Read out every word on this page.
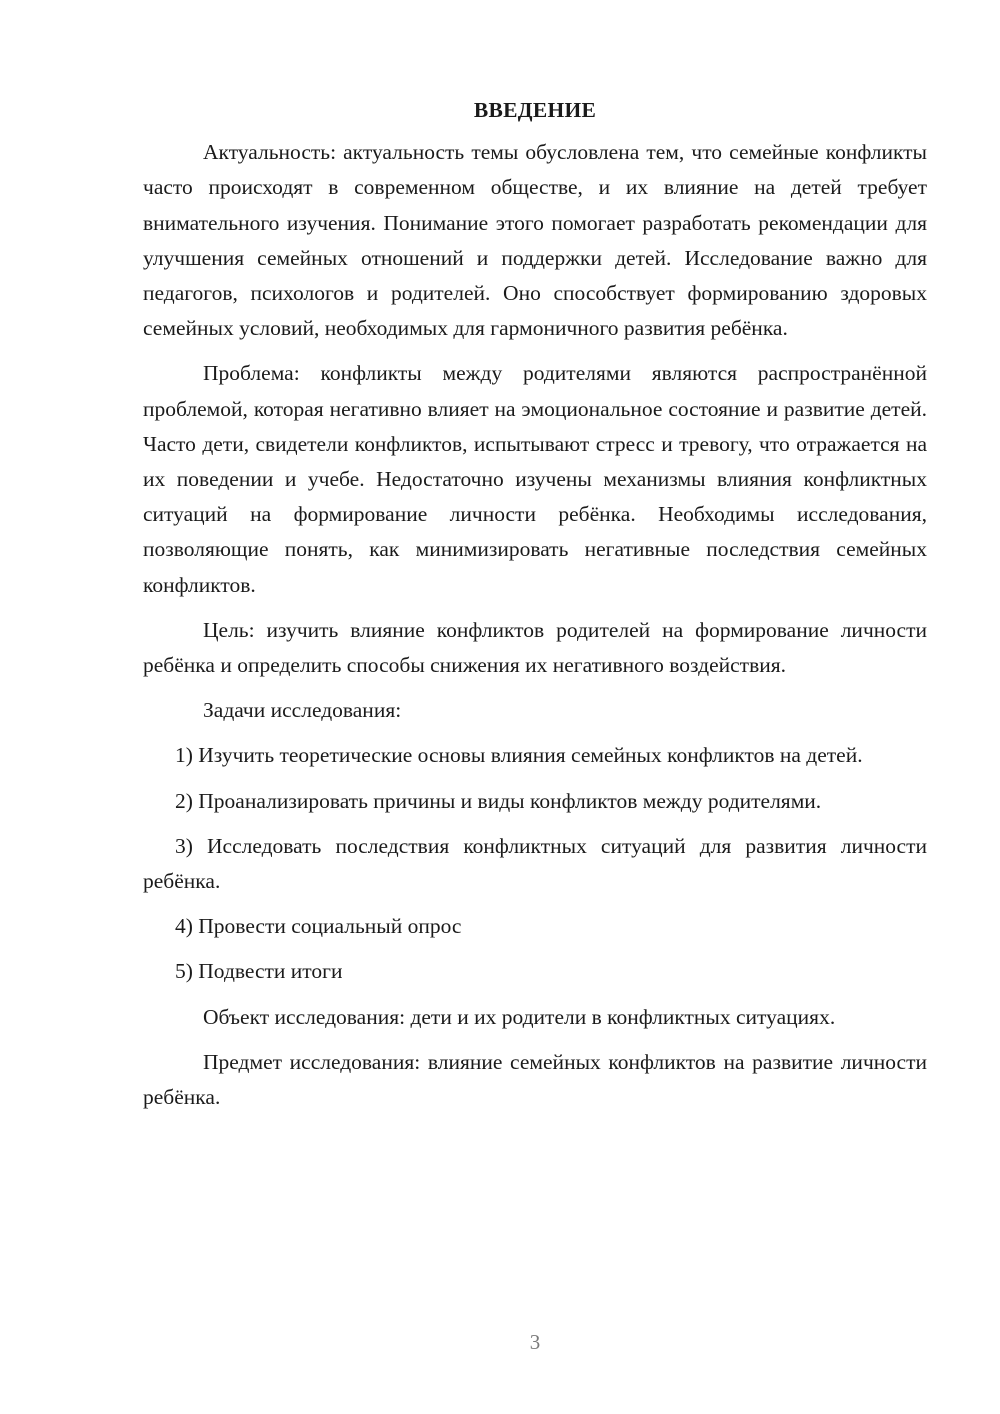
ВВЕДЕНИЕ

Актуальность: актуальность темы обусловлена тем, что семейные конфликты часто происходят в современном обществе, и их влияние на детей требует внимательного изучения. Понимание этого помогает разработать рекомендации для улучшения семейных отношений и поддержки детей. Исследование важно для педагогов, психологов и родителей. Оно способствует формированию здоровых семейных условий, необходимых для гармоничного развития ребёнка.

Проблема: конфликты между родителями являются распространённой проблемой, которая негативно влияет на эмоциональное состояние и развитие детей. Часто дети, свидетели конфликтов, испытывают стресс и тревогу, что отражается на их поведении и учебе. Недостаточно изучены механизмы влияния конфликтных ситуаций на формирование личности ребёнка. Необходимы исследования, позволяющие понять, как минимизировать негативные последствия семейных конфликтов.

Цель: изучить влияние конфликтов родителей на формирование личности ребёнка и определить способы снижения их негативного воздействия.

Задачи исследования:

1) Изучить теоретические основы влияния семейных конфликтов на детей.

2) Проанализировать причины и виды конфликтов между родителями.

3) Исследовать последствия конфликтных ситуаций для развития личности ребёнка.

4) Провести социальный опрос

5) Подвести итоги

Объект исследования: дети и их родители в конфликтных ситуациях.

Предмет исследования: влияние семейных конфликтов на развитие личности ребёнка.

3
